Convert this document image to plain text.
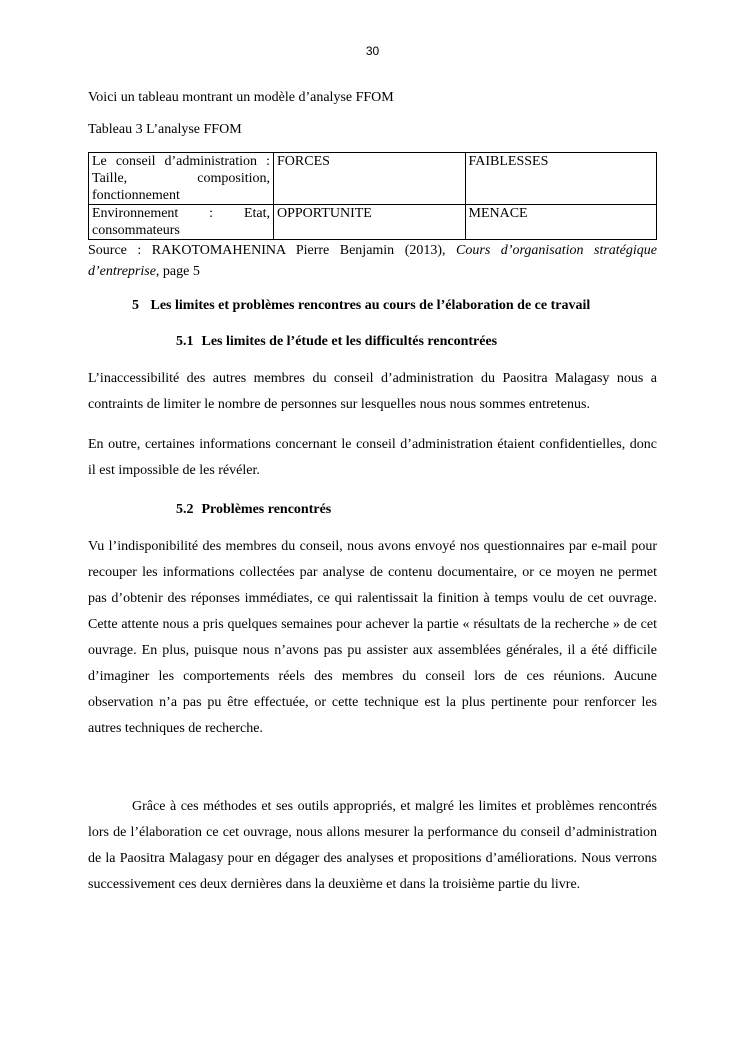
30

Voici un tableau montrant un modèle d’analyse FFOM

Tableau 3 L’analyse FFOM

Le conseil d’administration : Taille, composition, fonctionnement	FORCES	FAIBLESSES
Environnement : Etat, consommateurs	OPPORTUNITE	MENACE

Source : RAKOTOMAHENINA Pierre Benjamin (2013), Cours d’organisation stratégique d’entreprise, page 5

5 Les limites et problèmes rencontres au cours de l’élaboration de ce travail

5.1 Les limites de l’étude et les difficultés rencontrées

L’inaccessibilité des autres membres du conseil d’administration du Paositra Malagasy nous a contraints de limiter le nombre de personnes sur lesquelles nous nous sommes entretenus.

En outre, certaines informations concernant le conseil d’administration étaient confidentielles, donc il est impossible de les révéler.

5.2 Problèmes rencontrés

Vu l’indisponibilité des membres du conseil, nous avons envoyé nos questionnaires par e-mail pour recouper les informations collectées par analyse de contenu documentaire, or ce moyen ne permet pas d’obtenir des réponses immédiates, ce qui ralentissait la finition à temps voulu de cet ouvrage. Cette attente nous a pris quelques semaines pour achever la partie « résultats de la recherche » de cet ouvrage. En plus, puisque nous n’avons pas pu assister aux assemblées générales, il a été difficile d’imaginer les comportements réels des membres du conseil lors de ces réunions. Aucune observation n’a pas pu être effectuée, or cette technique est la plus pertinente pour renforcer les autres techniques de recherche.

Grâce à ces méthodes et ses outils appropriés, et malgré les limites et problèmes rencontrés lors de l’élaboration ce cet ouvrage, nous allons mesurer la performance du conseil d’administration de la Paositra Malagasy pour en dégager des analyses et propositions d’améliorations. Nous verrons successivement ces deux dernières dans la deuxième et dans la troisième partie du livre.
